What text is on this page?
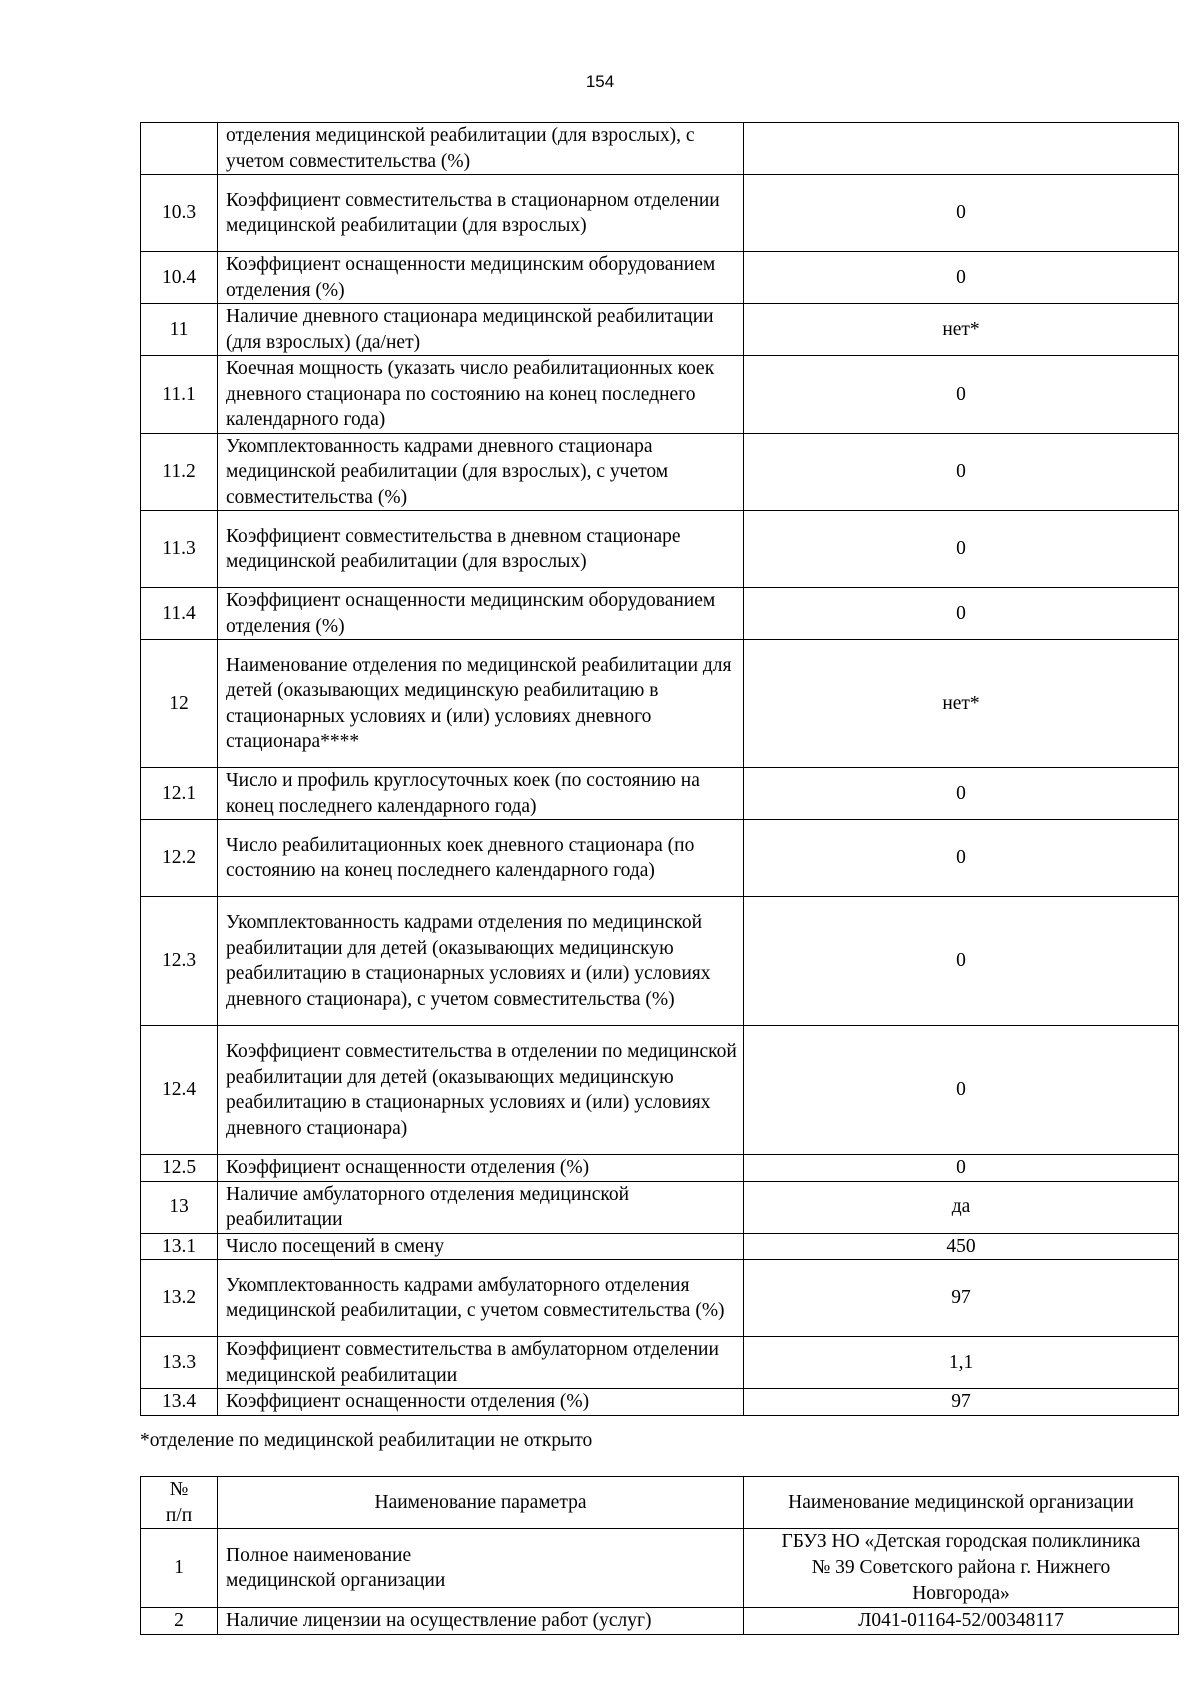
154
	отделения медицинской реабилитации (для взрослых), с учетом совместительства (%)	
10.3	Коэффициент совместительства в стационарном отделении медицинской реабилитации (для взрослых)	0
10.4	Коэффициент оснащенности медицинским оборудованием отделения (%)	0
11	Наличие дневного стационара медицинской реабилитации (для взрослых) (да/нет)	нет*
11.1	Коечная мощность (указать число реабилитационных коек дневного стационара по состоянию на конец последнего календарного года)	0
11.2	Укомплектованность кадрами дневного стационара медицинской реабилитации (для взрослых), с учетом совместительства (%)	0
11.3	Коэффициент совместительства в дневном стационаре медицинской реабилитации (для взрослых)	0
11.4	Коэффициент оснащенности медицинским оборудованием отделения (%)	0
12	Наименование отделения по медицинской реабилитации для детей (оказывающих медицинскую реабилитацию в стационарных условиях и (или) условиях дневного стационара****	нет*
12.1	Число и профиль круглосуточных коек (по состоянию на конец последнего календарного года)	0
12.2	Число реабилитационных коек дневного стационара (по состоянию на конец последнего календарного года)	0
12.3	Укомплектованность кадрами отделения по медицинской реабилитации для детей (оказывающих медицинскую реабилитацию в стационарных условиях и (или) условиях дневного стационара), с учетом совместительства (%)	0
12.4	Коэффициент совместительства в отделении по медицинской реабилитации для детей (оказывающих медицинскую реабилитацию в стационарных условиях и (или) условиях дневного стационара)	0
12.5	Коэффициент оснащенности отделения (%)	0
13	Наличие амбулаторного отделения медицинской реабилитации	да
13.1	Число посещений в смену	450
13.2	Укомплектованность кадрами амбулаторного отделения медицинской реабилитации, с учетом совместительства (%)	97
13.3	Коэффициент совместительства в амбулаторном отделении медицинской реабилитации	1,1
13.4	Коэффициент оснащенности отделения (%)	97
*отделение по медицинской реабилитации не открыто
№ п/п	Наименование параметра	Наименование медицинской организации
1	Полное наименование медицинской организации	ГБУЗ НО «Детская городская поликлиника № 39 Советского района г. Нижнего Новгорода»
2	Наличие лицензии на осуществление работ (услуг)	Л041-01164-52/00348117
